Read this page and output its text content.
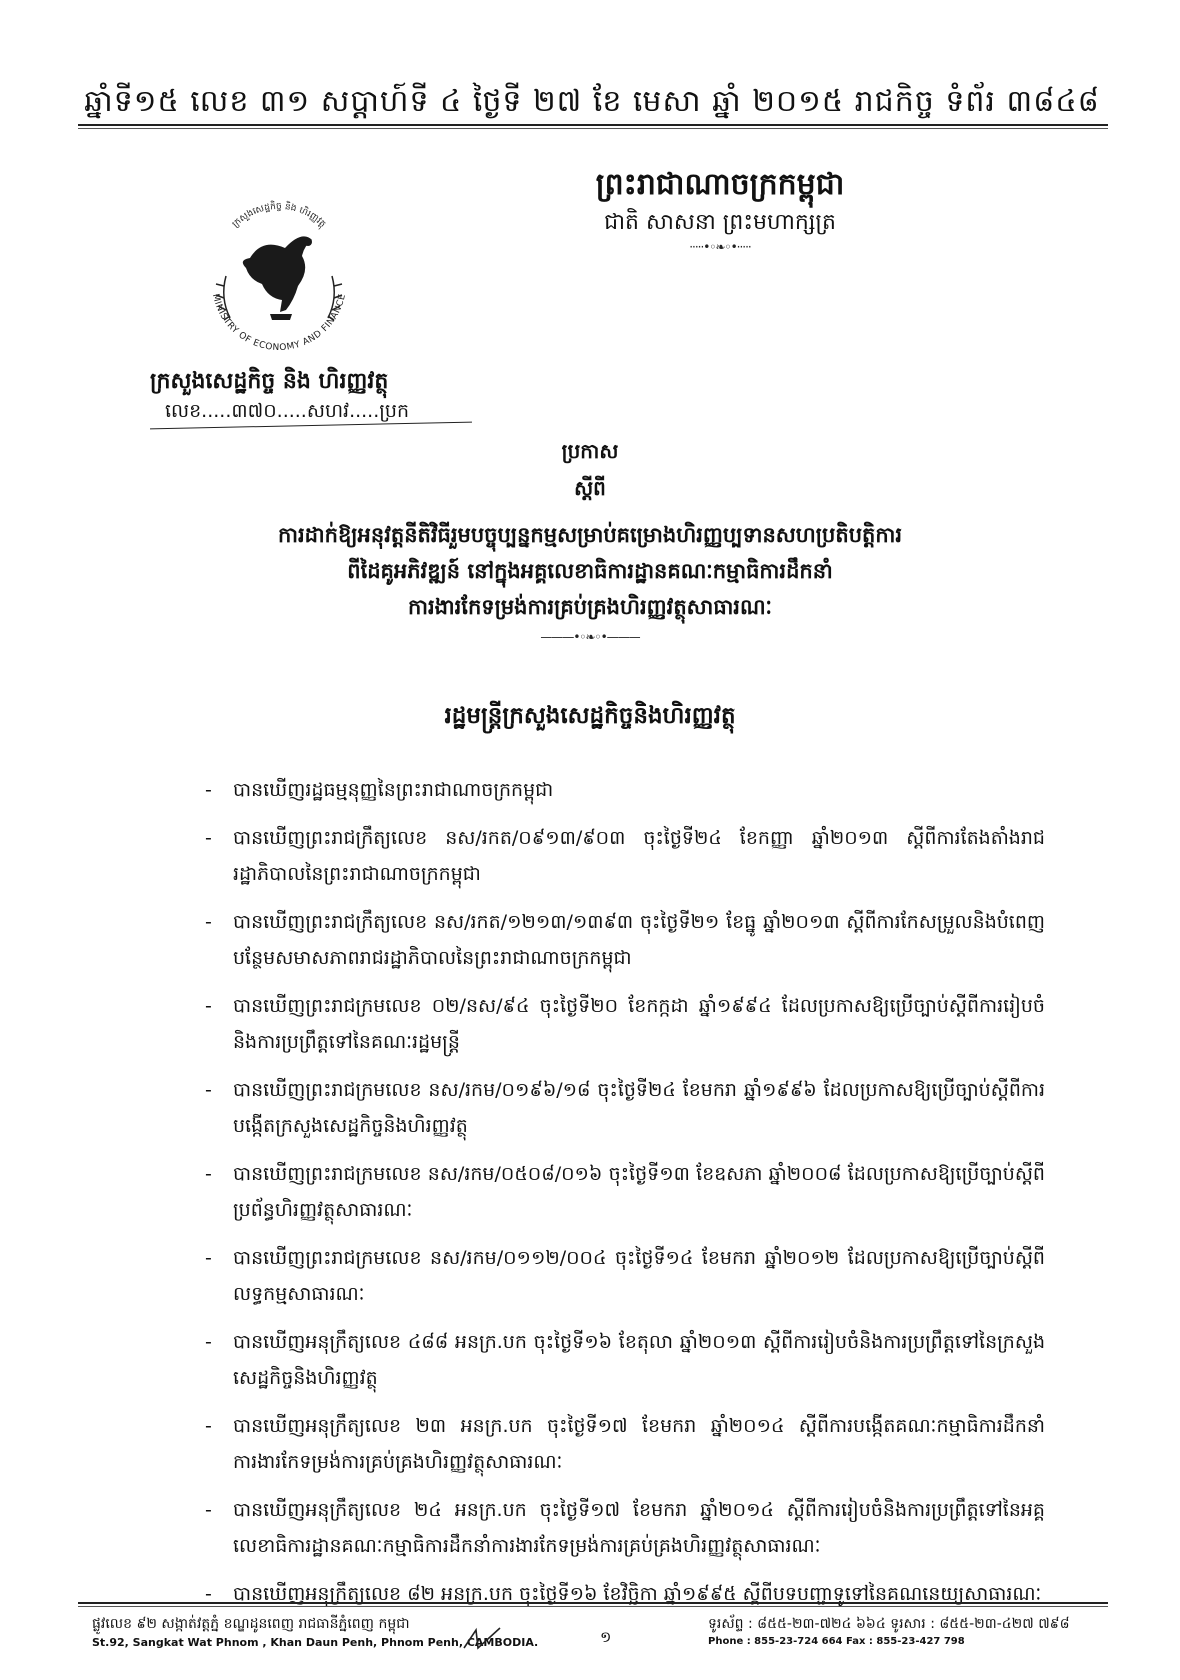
ឆ្នាំទី១៥ លេខ ៣១ សប្តាហ៍ទី ៤ ថ្ងៃទី ២៧ ខែ មេសា ឆ្នាំ ២០១៥ រាជកិច្ច ទំព័រ ៣៨៤៨
ព្រះរាជាណាចក្រកម្ពុជា
ជាតិ សាសនា ព្រះមហាក្សត្រ
·····•◦❧◦•·····
MINISTRY OF ECONOMY AND FINANCE
ក្រសួងសេដ្ឋកិច្ច និង ហិរញ្ញវត្ថុ
ក្រសួងសេដ្ឋកិច្ច និង ហិរញ្ញវត្ថុ
លេខ.....៣៧០.....សហវ.....ប្រក
ប្រកាស
ស្តីពី
ការដាក់ឱ្យអនុវត្តនីតិវិធីរួមបច្ចុប្បន្នកម្មសម្រាប់គម្រោងហិរញ្ញប្បទានសហប្រតិបត្តិការ
ពីដៃគូអភិវឌ្ឍន៍ នៅក្នុងអគ្គលេខាធិការដ្ឋានគណៈកម្មាធិការដឹកនាំ
ការងារកែទម្រង់ការគ្រប់គ្រងហិរញ្ញវត្ថុសាធារណៈ
———•◦❧◦•———
រដ្ឋមន្ត្រីក្រសួងសេដ្ឋកិច្ចនិងហិរញ្ញវត្ថុ
- បានឃើញរដ្ឋធម្មនុញ្ញនៃព្រះរាជាណាចក្រកម្ពុជា
- បានឃើញព្រះរាជក្រឹត្យលេខ នស/រកត/០៩១៣/៩០៣ ចុះថ្ងៃទី២៤ ខែកញ្ញា ឆ្នាំ២០១៣ ស្តីពីការតែងតាំងរាជរដ្ឋាភិបាលនៃព្រះរាជាណាចក្រកម្ពុជា
- បានឃើញព្រះរាជក្រឹត្យលេខ នស/រកត/១២១៣/១៣៩៣ ចុះថ្ងៃទី២១ ខែធ្នូ ឆ្នាំ២០១៣ ស្តីពីការកែសម្រួលនិងបំពេញបន្ថែមសមាសភាពរាជរដ្ឋាភិបាលនៃព្រះរាជាណាចក្រកម្ពុជា
- បានឃើញព្រះរាជក្រមលេខ ០២/នស/៩៤ ចុះថ្ងៃទី២០ ខែកក្កដា ឆ្នាំ១៩៩៤ ដែលប្រកាសឱ្យប្រើច្បាប់ស្តីពីការរៀបចំនិងការប្រព្រឹត្តទៅនៃគណៈរដ្ឋមន្ត្រី
- បានឃើញព្រះរាជក្រមលេខ នស/រកម/០១៩៦/១៨ ចុះថ្ងៃទី២៤ ខែមករា ឆ្នាំ១៩៩៦ ដែលប្រកាសឱ្យប្រើច្បាប់ស្តីពីការបង្កើតក្រសួងសេដ្ឋកិច្ចនិងហិរញ្ញវត្ថុ
- បានឃើញព្រះរាជក្រមលេខ នស/រកម/០៥០៨/០១៦ ចុះថ្ងៃទី១៣ ខែឧសភា ឆ្នាំ២០០៨ ដែលប្រកាសឱ្យប្រើច្បាប់ស្តីពីប្រព័ន្ធហិរញ្ញវត្ថុសាធារណៈ
- បានឃើញព្រះរាជក្រមលេខ នស/រកម/០១១២/០០៤ ចុះថ្ងៃទី១៤ ខែមករា ឆ្នាំ២០១២ ដែលប្រកាសឱ្យប្រើច្បាប់ស្តីពីលទ្ធកម្មសាធារណៈ
- បានឃើញអនុក្រឹត្យលេខ ៤៨៨ អនក្រ.បក ចុះថ្ងៃទី១៦ ខែតុលា ឆ្នាំ២០១៣ ស្តីពីការរៀបចំនិងការប្រព្រឹត្តទៅនៃក្រសួងសេដ្ឋកិច្ចនិងហិរញ្ញវត្ថុ
- បានឃើញអនុក្រឹត្យលេខ ២៣ អនក្រ.បក ចុះថ្ងៃទី១៧ ខែមករា ឆ្នាំ២០១៤ ស្តីពីការបង្កើតគណៈកម្មាធិការដឹកនាំការងារកែទម្រង់ការគ្រប់គ្រងហិរញ្ញវត្ថុសាធារណៈ
- បានឃើញអនុក្រឹត្យលេខ ២៤ អនក្រ.បក ចុះថ្ងៃទី១៧ ខែមករា ឆ្នាំ២០១៤ ស្តីពីការរៀបចំនិងការប្រព្រឹត្តទៅនៃអគ្គលេខាធិការដ្ឋានគណៈកម្មាធិការដឹកនាំការងារកែទម្រង់ការគ្រប់គ្រងហិរញ្ញវត្ថុសាធារណៈ
- បានឃើញអនុក្រឹត្យលេខ ៨២ អនក្រ.បក ចុះថ្ងៃទី១៦ ខែវិច្ឆិកា ឆ្នាំ១៩៩៥ ស្តីពីបទបញ្ជាទូទៅនៃគណនេយ្យសាធារណៈ
ផ្លូវលេខ ៩២ សង្កាត់វត្តភ្នំ ខណ្ឌដូនពេញ រាជធានីភ្នំពេញ កម្ពុជា
St.92, Sangkat Wat Phnom , Khan Daun Penh, Phnom Penh, CAMBODIA.	១
ទូរស័ព្ទ : ៨៥៥-២៣-៧២៤ ៦៦៤ ទូរសារ : ៨៥៥-២៣-៤២៧ ៧៩៨
Phone : 855-23-724 664 Fax : 855-23-427 798
